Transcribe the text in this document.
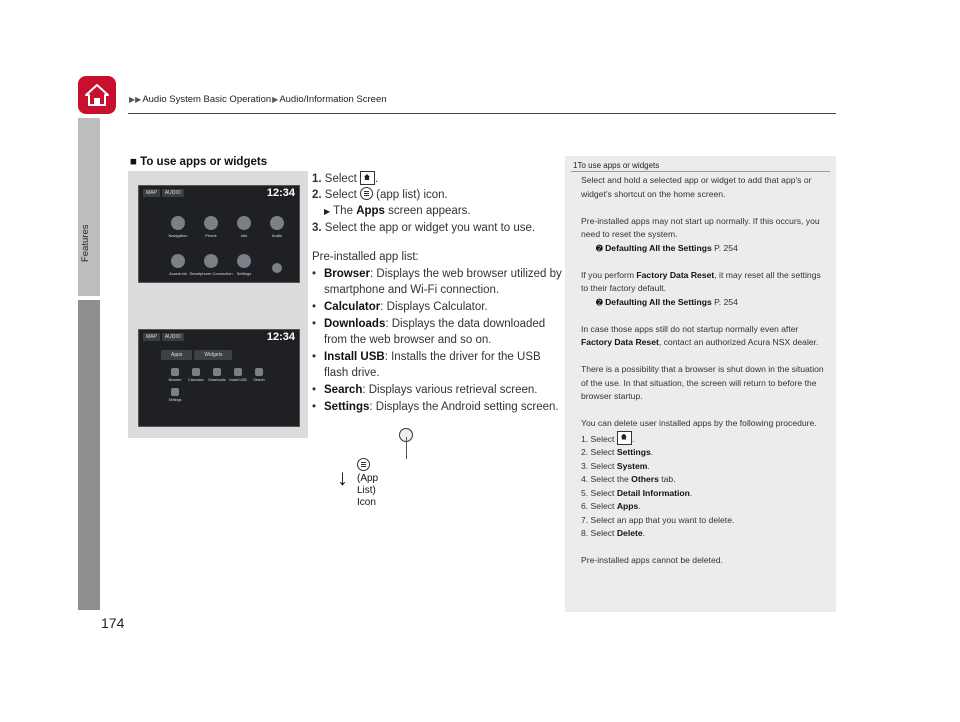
▶▶Audio System Basic Operation▶Audio/Information Screen
Features
174
■ To use apps or widgets
MAP AUDIO	12:34
Navigation	Phone	Info	Audio
AcuraLink Smartphone Connection Settings
↓ (App List)
Icon
MAP AUDIO	12:34
Apps	Widgets
Browser Calculator Downloads Install USB Search
Settings
1. Select .
2. Select (app list) icon.
▶ The Apps screen appears.
3. Select the app or widget you want to use.
Pre-installed app list:
• Browser: Displays the web browser utilized by smartphone and Wi-Fi connection.
• Calculator: Displays Calculator.
• Downloads: Displays the data downloaded from the web browser and so on.
• Install USB: Installs the driver for the USB flash drive.
• Search: Displays various retrieval screen.
• Settings: Displays the Android setting screen.
1To use apps or widgets

Select and hold a selected app or widget to add that app's or widget's shortcut on the home screen.

Pre-installed apps may not start up normally. If this occurs, you need to reset the system.
➋ Defaulting All the Settings P. 254

If you perform Factory Data Reset, it may reset all the settings to their factory default.
➋ Defaulting All the Settings P. 254

In case those apps still do not startup normally even after Factory Data Reset, contact an authorized Acura NSX dealer.

There is a possibility that a browser is shut down in the situation of the use. In that situation, the screen will return to before the browser startup.

You can delete user installed apps by the following procedure.

1. Select .
2. Select Settings.
3. Select System.
4. Select the Others tab.
5. Select Detail Information.
6. Select Apps.
7. Select an app that you want to delete.
8. Select Delete.

Pre-installed apps cannot be deleted.
